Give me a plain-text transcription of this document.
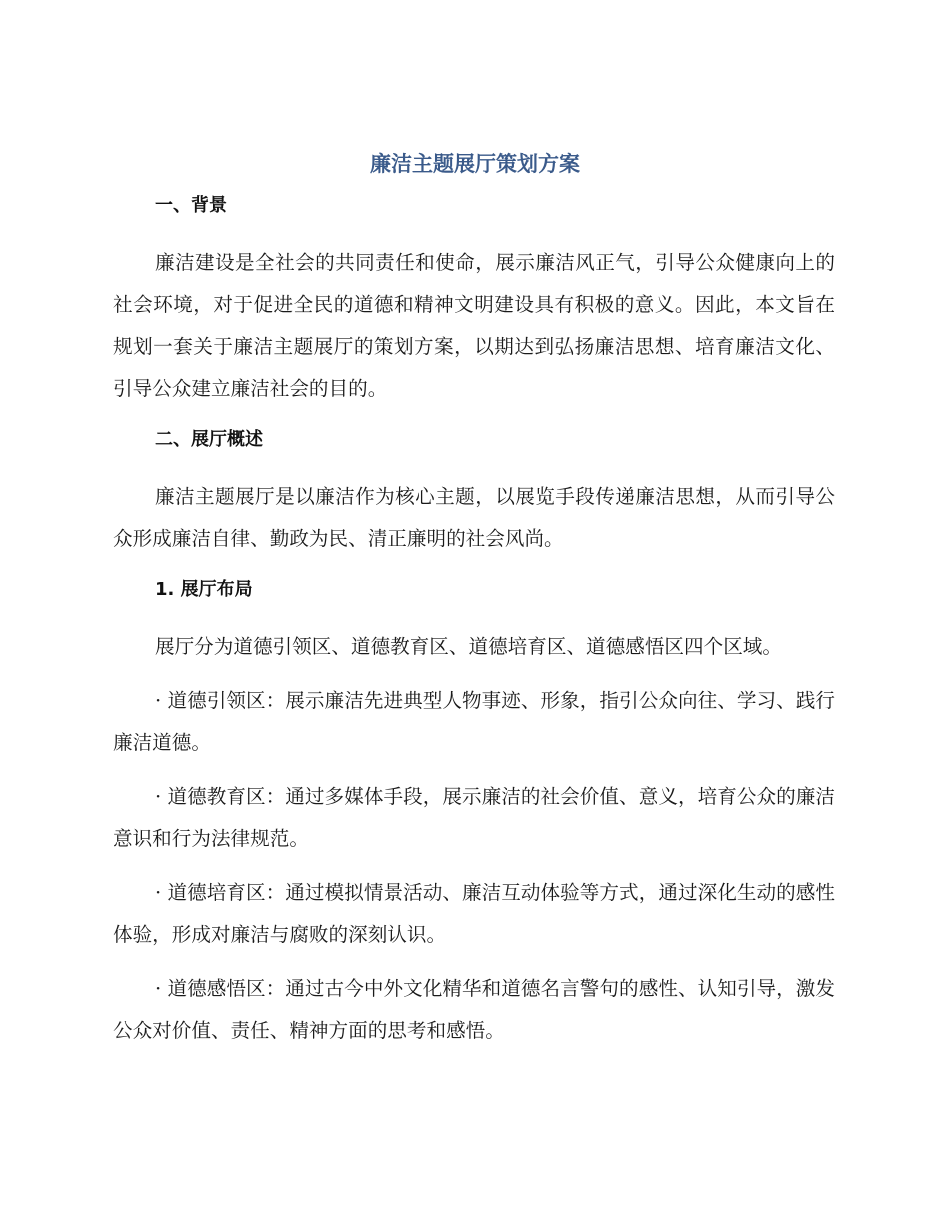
廉洁主题展厅策划方案
一、背景

廉洁建设是全社会的共同责任和使命，展示廉洁风正气，引导公众健康向上的社会环境，对于促进全民的道德和精神文明建设具有积极的意义。因此，本文旨在规划一套关于廉洁主题展厅的策划方案，以期达到弘扬廉洁思想、培育廉洁文化、引导公众建立廉洁社会的目的。

二、展厅概述

廉洁主题展厅是以廉洁作为核心主题，以展览手段传递廉洁思想，从而引导公众形成廉洁自律、勤政为民、清正廉明的社会风尚。

1. 展厅布局

展厅分为道德引领区、道德教育区、道德培育区、道德感悟区四个区域。

· 道德引领区：展示廉洁先进典型人物事迹、形象，指引公众向往、学习、践行廉洁道德。

· 道德教育区：通过多媒体手段，展示廉洁的社会价值、意义，培育公众的廉洁意识和行为法律规范。

· 道德培育区：通过模拟情景活动、廉洁互动体验等方式，通过深化生动的感性体验，形成对廉洁与腐败的深刻认识。

· 道德感悟区：通过古今中外文化精华和道德名言警句的感性、认知引导，激发公众对价值、责任、精神方面的思考和感悟。
